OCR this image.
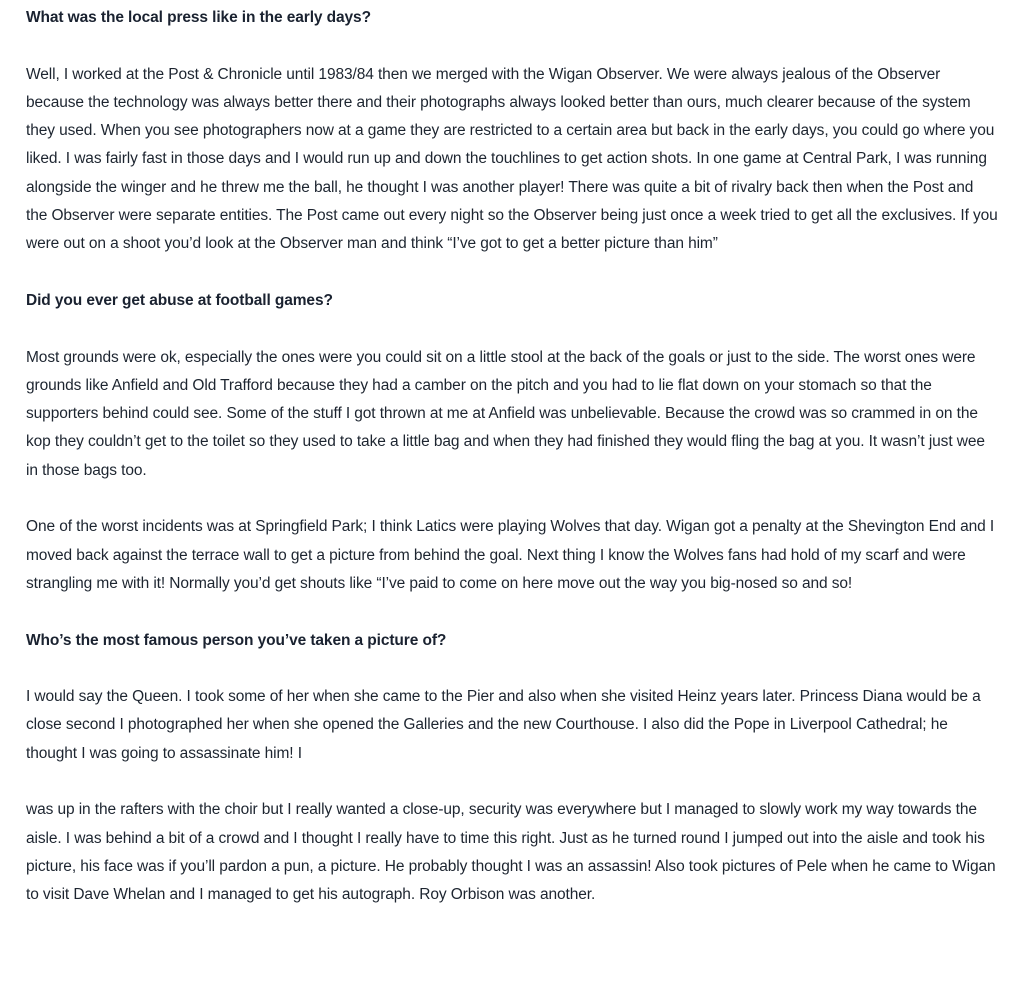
What was the local press like in the early days?

Well, I worked at the Post & Chronicle until 1983/84 then we merged with the Wigan Observer. We were always jealous of the Observer because the technology was always better there and their photographs always looked better than ours, much clearer because of the system they used. When you see photographers now at a game they are restricted to a certain area but back in the early days, you could go where you liked. I was fairly fast in those days and I would run up and down the touchlines to get action shots. In one game at Central Park, I was running alongside the winger and he threw me the ball, he thought I was another player! There was quite a bit of rivalry back then when the Post and the Observer were separate entities. The Post came out every night so the Observer being just once a week tried to get all the exclusives. If you were out on a shoot you’d look at the Observer man and think “I’ve got to get a better picture than him”

Did you ever get abuse at football games?

Most grounds were ok, especially the ones were you could sit on a little stool at the back of the goals or just to the side. The worst ones were grounds like Anfield and Old Trafford because they had a camber on the pitch and you had to lie flat down on your stomach so that the supporters behind could see. Some of the stuff I got thrown at me at Anfield was unbelievable. Because the crowd was so crammed in on the kop they couldn’t get to the toilet so they used to take a little bag and when they had finished they would fling the bag at you. It wasn’t just wee in those bags too.

One of the worst incidents was at Springfield Park; I think Latics were playing Wolves that day. Wigan got a penalty at the Shevington End and I moved back against the terrace wall to get a picture from behind the goal. Next thing I know the Wolves fans had hold of my scarf and were strangling me with it! Normally you’d get shouts like “I’ve paid to come on here move out the way you big-nosed so and so!

Who’s the most famous person you’ve taken a picture of?

I would say the Queen. I took some of her when she came to the Pier and also when she visited Heinz years later. Princess Diana would be a close second I photographed her when she opened the Galleries and the new Courthouse. I also did the Pope in Liverpool Cathedral; he thought I was going to assassinate him! I

was up in the rafters with the choir but I really wanted a close-up, security was everywhere but I managed to slowly work my way towards the aisle. I was behind a bit of a crowd and I thought I really have to time this right. Just as he turned round I jumped out into the aisle and took his picture, his face was if you’ll pardon a pun, a picture. He probably thought I was an assassin! Also took pictures of Pele when he came to Wigan to visit Dave Whelan and I managed to get his autograph. Roy Orbison was another.
